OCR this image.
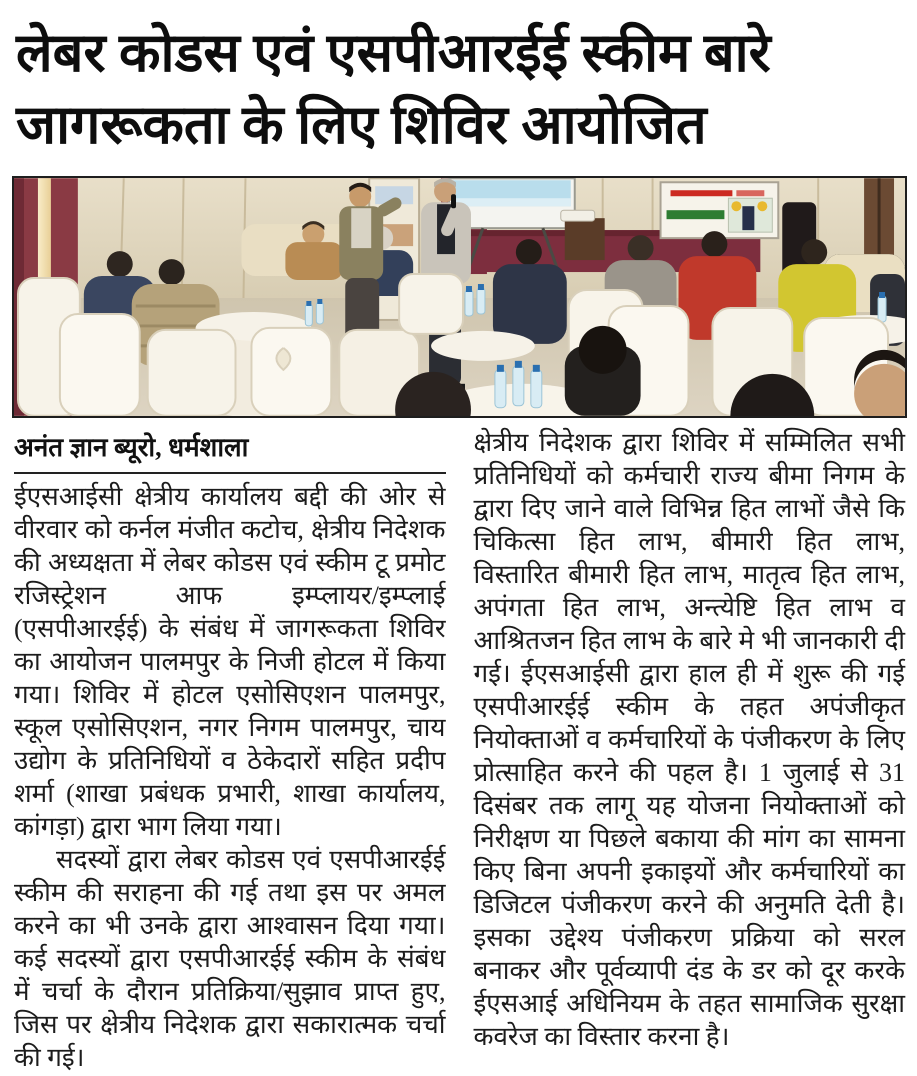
लेबर कोडस एवं एसपीआरईई स्कीम बारे
जागरूकता के लिए शिविर आयोजित
अनंत ज्ञान ब्यूरो, धर्मशाला

ईएसआईसी क्षेत्रीय कार्यालय बद्दी की ओर से वीरवार को कर्नल मंजीत कटोच, क्षेत्रीय निदेशक की अध्यक्षता में लेबर कोडस एवं स्कीम टू प्रमोट रजिस्ट्रेशन आफ इम्प्लायर/इम्प्लाई (एसपीआरईई) के संबंध में जागरूकता शिविर का आयोजन पालमपुर के निजी होटल में किया गया। शिविर में होटल एसोसिएशन पालमपुर, स्कूल एसोसिएशन, नगर निगम पालमपुर, चाय उद्योग के प्रतिनिधियों व ठेकेदारों सहित प्रदीप शर्मा (शाखा प्रबंधक प्रभारी, शाखा कार्यालय, कांगड़ा) द्वारा भाग लिया गया।

सदस्यों द्वारा लेबर कोडस एवं एसपीआरईई स्कीम की सराहना की गई तथा इस पर अमल करने का भी उनके द्वारा आश्वासन दिया गया। कई सदस्यों द्वारा एसपीआरईई स्कीम के संबंध में चर्चा के दौरान प्रतिक्रिया/सुझाव प्राप्त हुए, जिस पर क्षेत्रीय निदेशक द्वारा सकारात्मक चर्चा की गई।

क्षेत्रीय निदेशक द्वारा शिविर में सम्मिलित सभी प्रतिनिधियों को कर्मचारी राज्य बीमा निगम के द्वारा दिए जाने वाले विभिन्न हित लाभों जैसे कि चिकित्सा हित लाभ, बीमारी हित लाभ, विस्तारित बीमारी हित लाभ, मातृत्व हित लाभ, अपंगता हित लाभ, अन्त्येष्टि हित लाभ व आश्रितजन हित लाभ के बारे मे भी जानकारी दी गई। ईएसआईसी द्वारा हाल ही में शुरू की गई एसपीआरईई स्कीम के तहत अपंजीकृत नियोक्ताओं व कर्मचारियों के पंजीकरण के लिए प्रोत्साहित करने की पहल है। 1 जुलाई से 31 दिसंबर तक लागू यह योजना नियोक्ताओं को निरीक्षण या पिछले बकाया की मांग का सामना किए बिना अपनी इकाइयों और कर्मचारियों का डिजिटल पंजीकरण करने की अनुमति देती है। इसका उद्देश्य पंजीकरण प्रक्रिया को सरल बनाकर और पूर्वव्यापी दंड के डर को दूर करके ईएसआई अधिनियम के तहत सामाजिक सुरक्षा कवरेज का विस्तार करना है।
